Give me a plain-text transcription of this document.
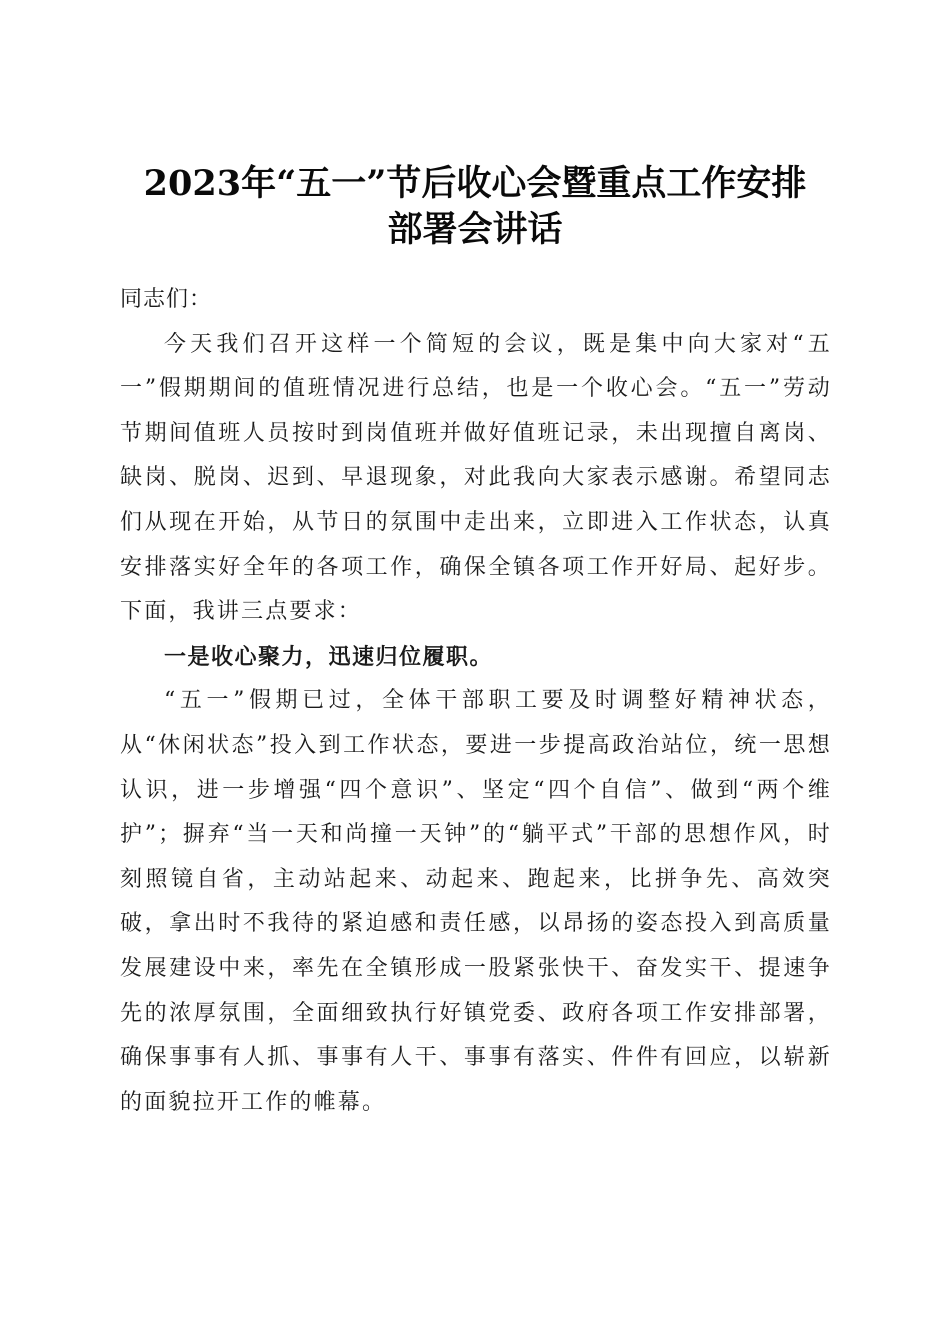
2023年“五一”节后收心会暨重点工作安排
部署会讲话

同志们：

今天我们召开这样一个简短的会议，既是集中向大家对“五一”假期期间的值班情况进行总结，也是一个收心会。“五一”劳动节期间值班人员按时到岗值班并做好值班记录，未出现擅自离岗、缺岗、脱岗、迟到、早退现象，对此我向大家表示感谢。希望同志们从现在开始，从节日的氛围中走出来，立即进入工作状态，认真安排落实好全年的各项工作，确保全镇各项工作开好局、起好步。下面，我讲三点要求：

一是收心聚力，迅速归位履职。

“五一”假期已过，全体干部职工要及时调整好精神状态，从“休闲状态”投入到工作状态，要进一步提高政治站位，统一思想认识，进一步增强“四个意识”、坚定“四个自信”、做到“两个维护”；摒弃“当一天和尚撞一天钟”的“躺平式”干部的思想作风，时刻照镜自省，主动站起来、动起来、跑起来，比拼争先、高效突破，拿出时不我待的紧迫感和责任感，以昂扬的姿态投入到高质量发展建设中来，率先在全镇形成一股紧张快干、奋发实干、提速争先的浓厚氛围，全面细致执行好镇党委、政府各项工作安排部署，确保事事有人抓、事事有人干、事事有落实、件件有回应，以崭新的面貌拉开工作的帷幕。
